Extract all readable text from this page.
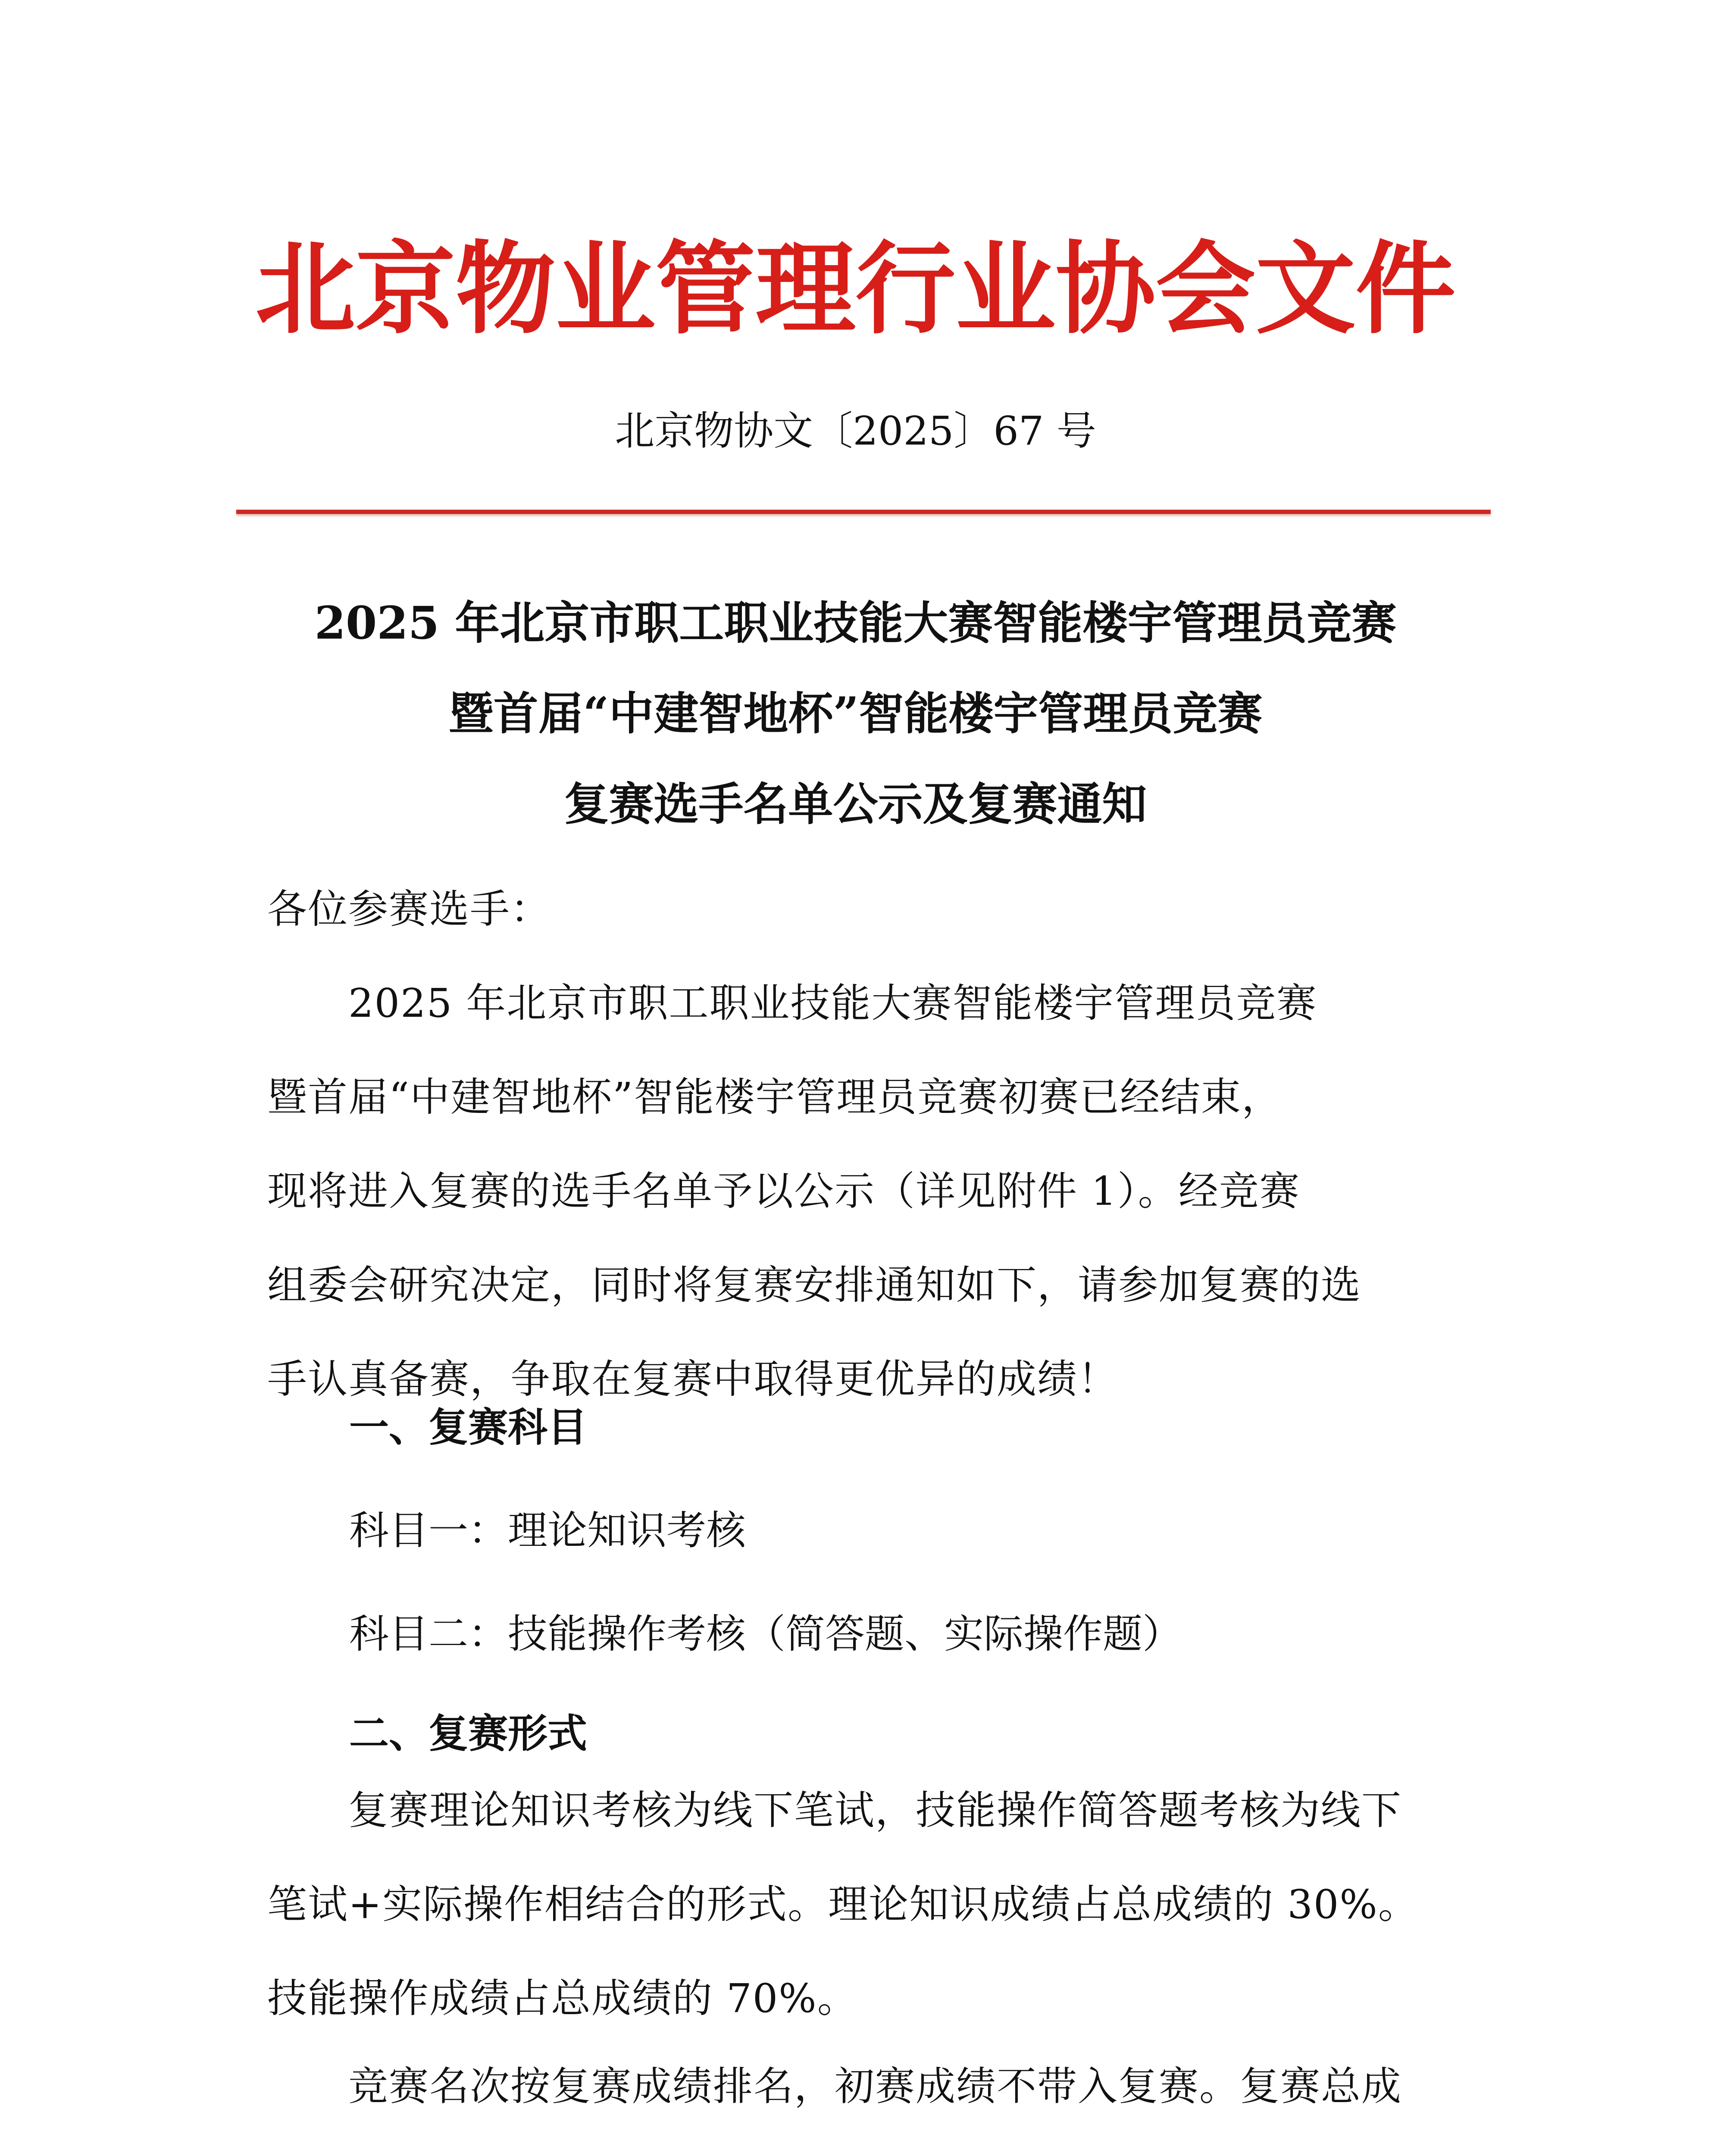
北京物业管理行业协会文件
北京物协文〔2025〕67 号
2025 年北京市职工职业技能大赛智能楼宇管理员竞赛
暨首届“中建智地杯”智能楼宇管理员竞赛
复赛选手名单公示及复赛通知
各位参赛选手：
　　2025 年北京市职工职业技能大赛智能楼宇管理员竞赛
暨首届“中建智地杯”智能楼宇管理员竞赛初赛已经结束，
现将进入复赛的选手名单予以公示（详见附件 1）。经竞赛
组委会研究决定，同时将复赛安排通知如下，请参加复赛的选
手认真备赛，争取在复赛中取得更优异的成绩！
一、复赛科目
科目一：理论知识考核
科目二：技能操作考核（简答题、实际操作题）
二、复赛形式
　　复赛理论知识考核为线下笔试，技能操作简答题考核为线下
笔试+实际操作相结合的形式。理论知识成绩占总成绩的 30%。
技能操作成绩占总成绩的 70%。
　　竞赛名次按复赛成绩排名，初赛成绩不带入复赛。复赛总成
